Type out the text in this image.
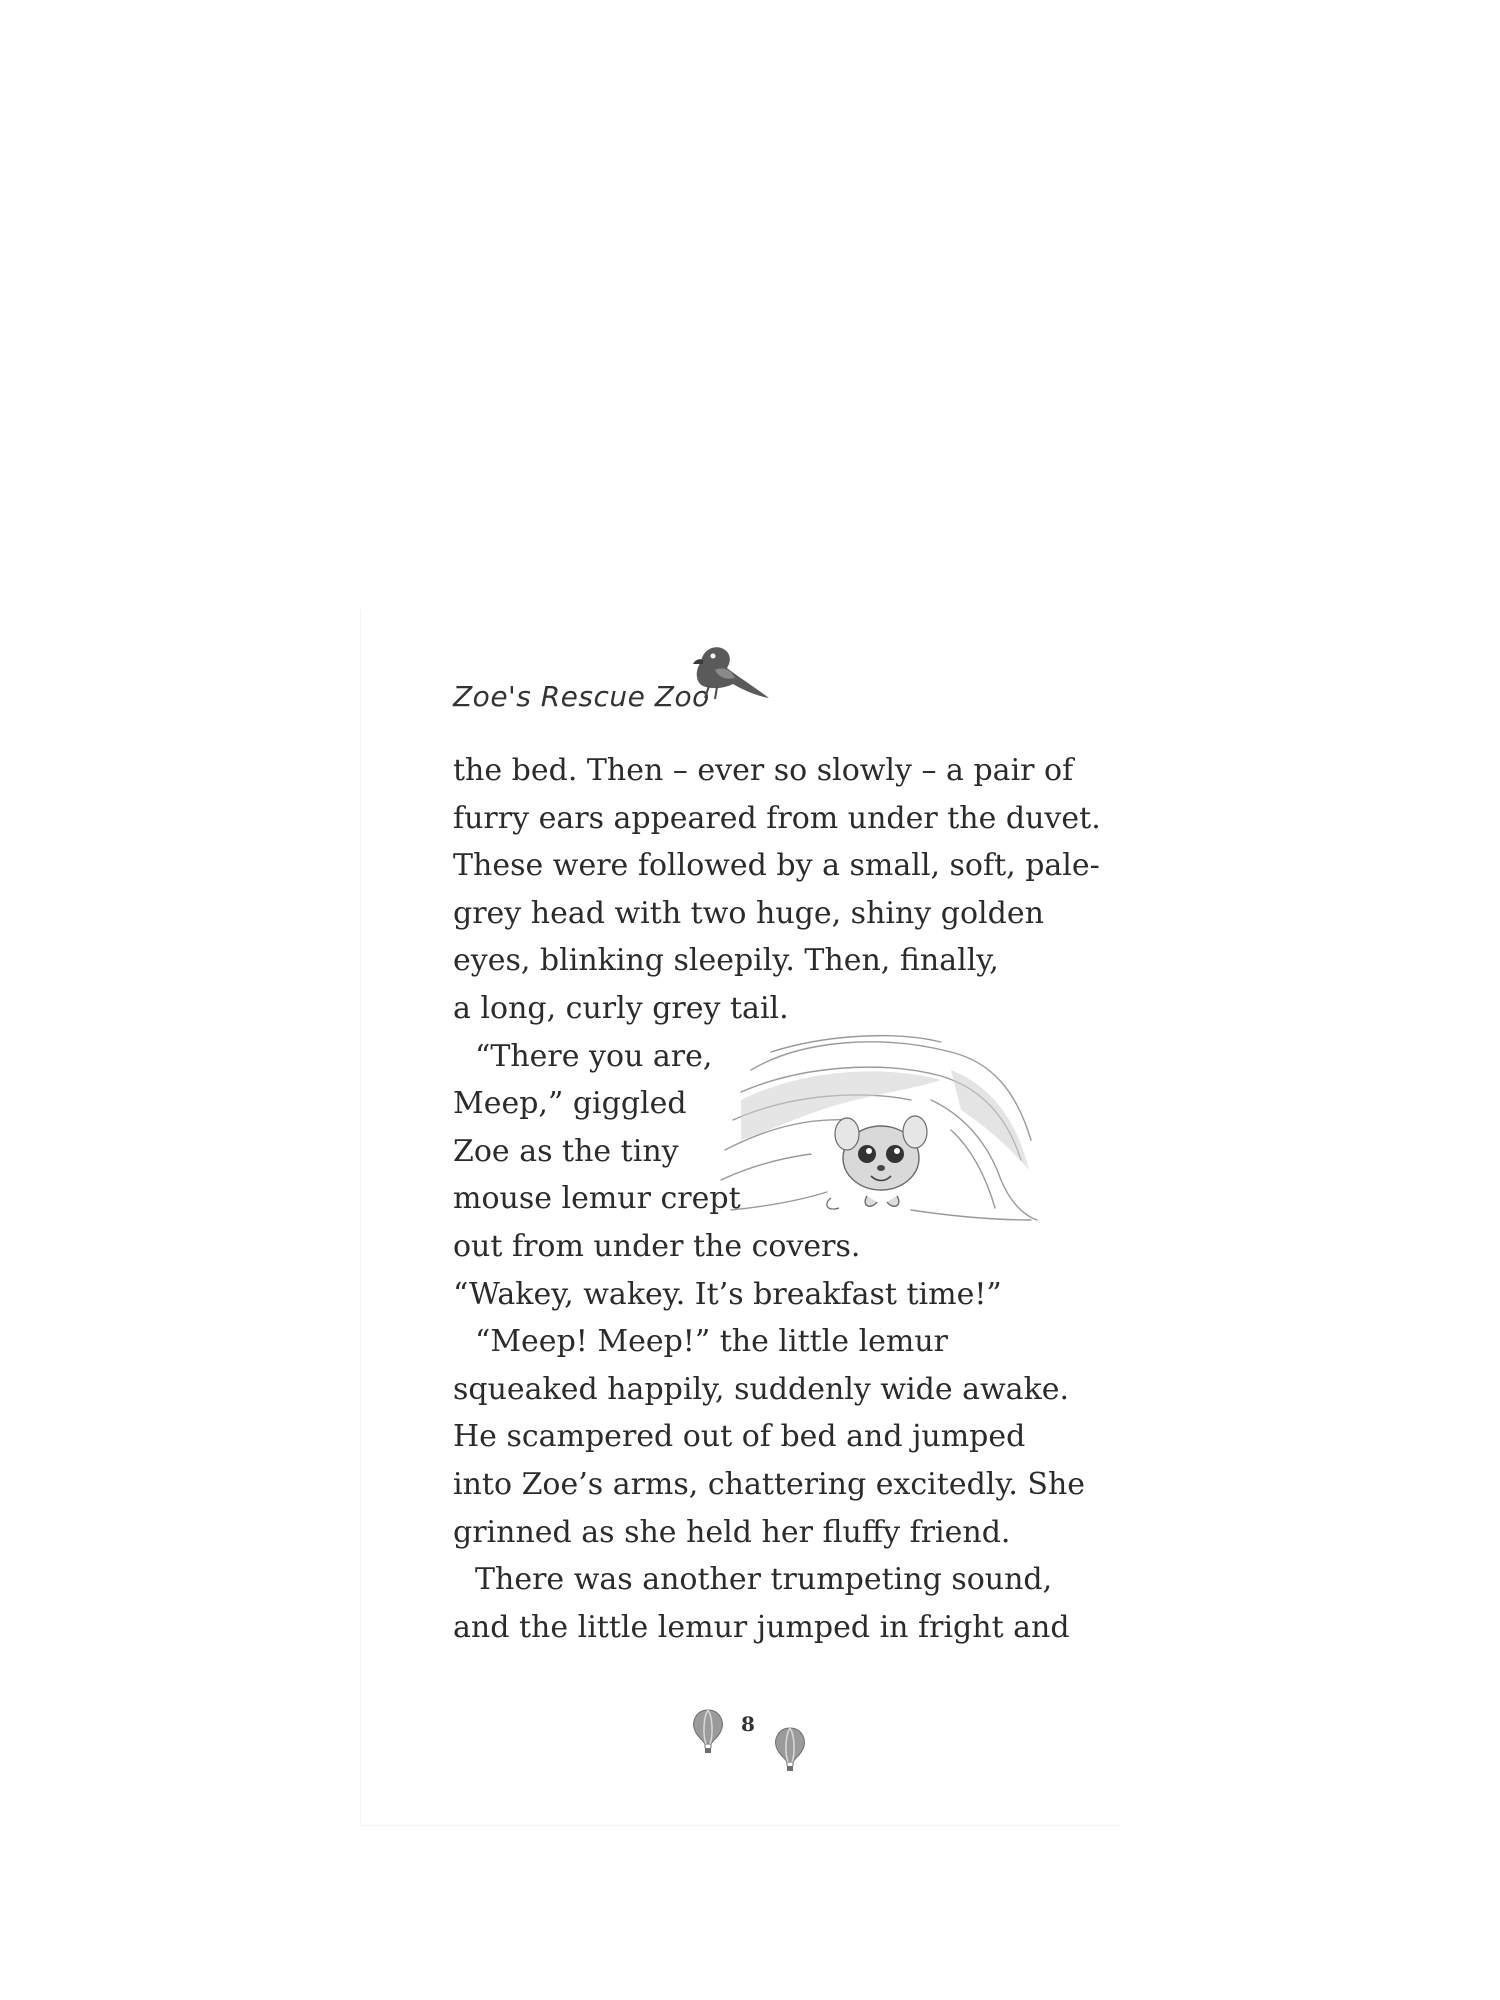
Zoe's Rescue Zoo
the bed. Then – ever so slowly – a pair of
furry ears appeared from under the duvet.
These were followed by a small, soft, pale-
grey head with two huge, shiny golden
eyes, blinking sleepily. Then, finally,
a long, curly grey tail.
“There you are,
Meep,” giggled
Zoe as the tiny
mouse lemur crept
out from under the covers.
“Wakey, wakey. It’s breakfast time!”
“Meep! Meep!” the little lemur
squeaked happily, suddenly wide awake.
He scampered out of bed and jumped
into Zoe’s arms, chattering excitedly. She
grinned as she held her fluffy friend.
There was another trumpeting sound,
and the little lemur jumped in fright and
8
